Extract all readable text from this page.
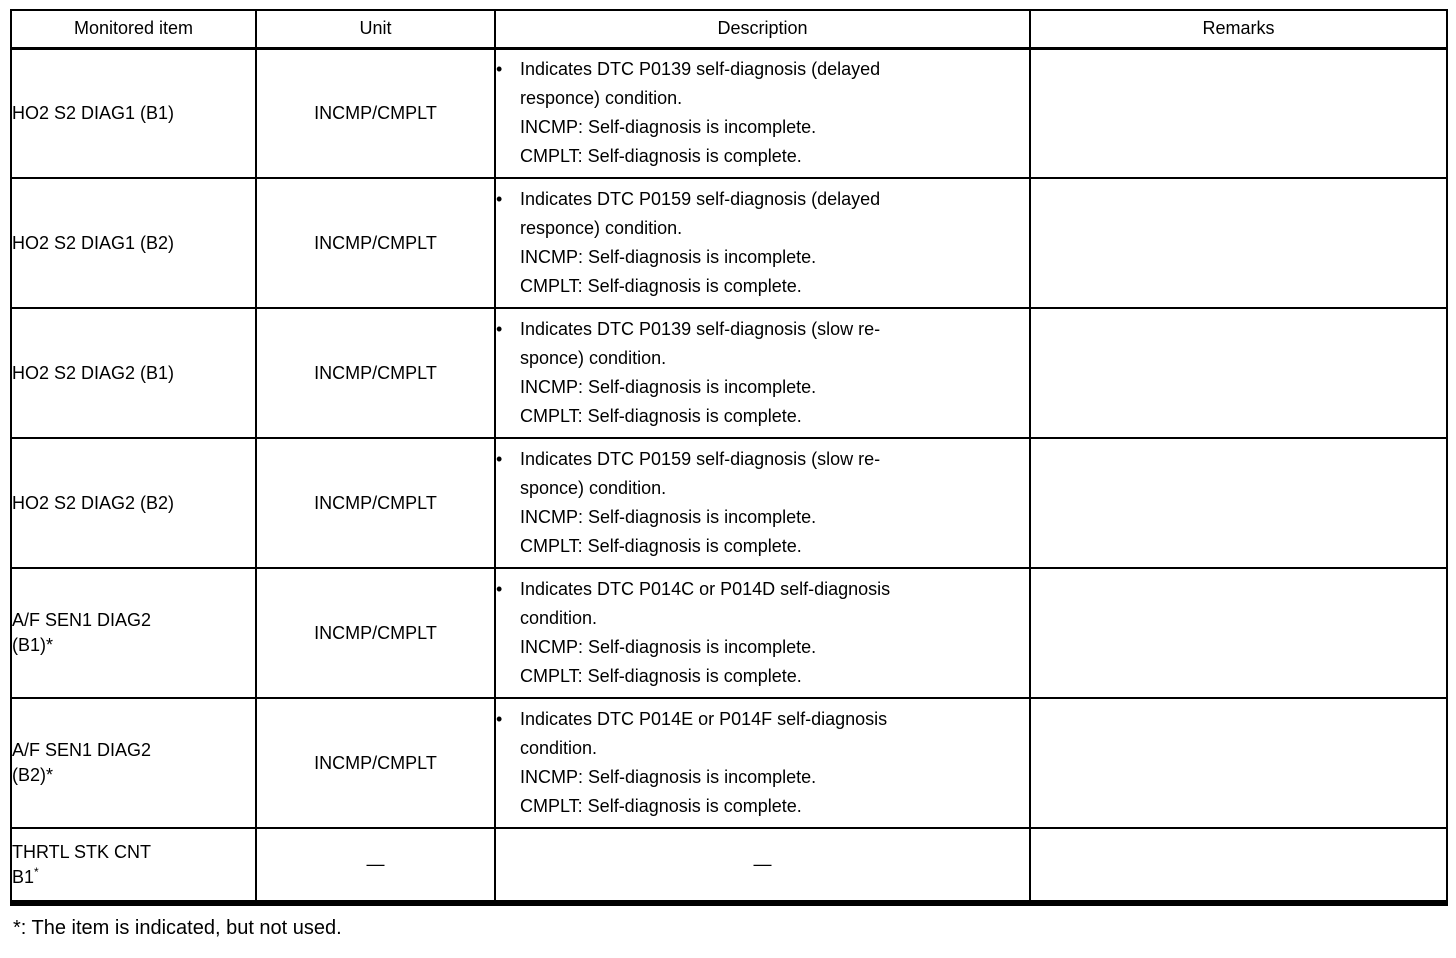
Monitored item	Unit	Description	Remarks

HO2 S2 DIAG1 (B1)	INCMP/CMPLT	• Indicates DTC P0139 self-diagnosis (delayed
responce) condition.
INCMP: Self-diagnosis is incomplete.
CMPLT: Self-diagnosis is complete.	

HO2 S2 DIAG1 (B2)	INCMP/CMPLT	• Indicates DTC P0159 self-diagnosis (delayed
responce) condition.
INCMP: Self-diagnosis is incomplete.
CMPLT: Self-diagnosis is complete.	

HO2 S2 DIAG2 (B1)	INCMP/CMPLT	• Indicates DTC P0139 self-diagnosis (slow re-
sponce) condition.
INCMP: Self-diagnosis is incomplete.
CMPLT: Self-diagnosis is complete.	

HO2 S2 DIAG2 (B2)	INCMP/CMPLT	• Indicates DTC P0159 self-diagnosis (slow re-
sponce) condition.
INCMP: Self-diagnosis is incomplete.
CMPLT: Self-diagnosis is complete.	

A/F SEN1 DIAG2
(B1)*	INCMP/CMPLT	• Indicates DTC P014C or P014D self-diagnosis
condition.
INCMP: Self-diagnosis is incomplete.
CMPLT: Self-diagnosis is complete.	

A/F SEN1 DIAG2
(B2)*	INCMP/CMPLT	• Indicates DTC P014E or P014F self-diagnosis
condition.
INCMP: Self-diagnosis is incomplete.
CMPLT: Self-diagnosis is complete.	

THRTL STK CNT
B1*	—	—	
*: The item is indicated, but not used.
